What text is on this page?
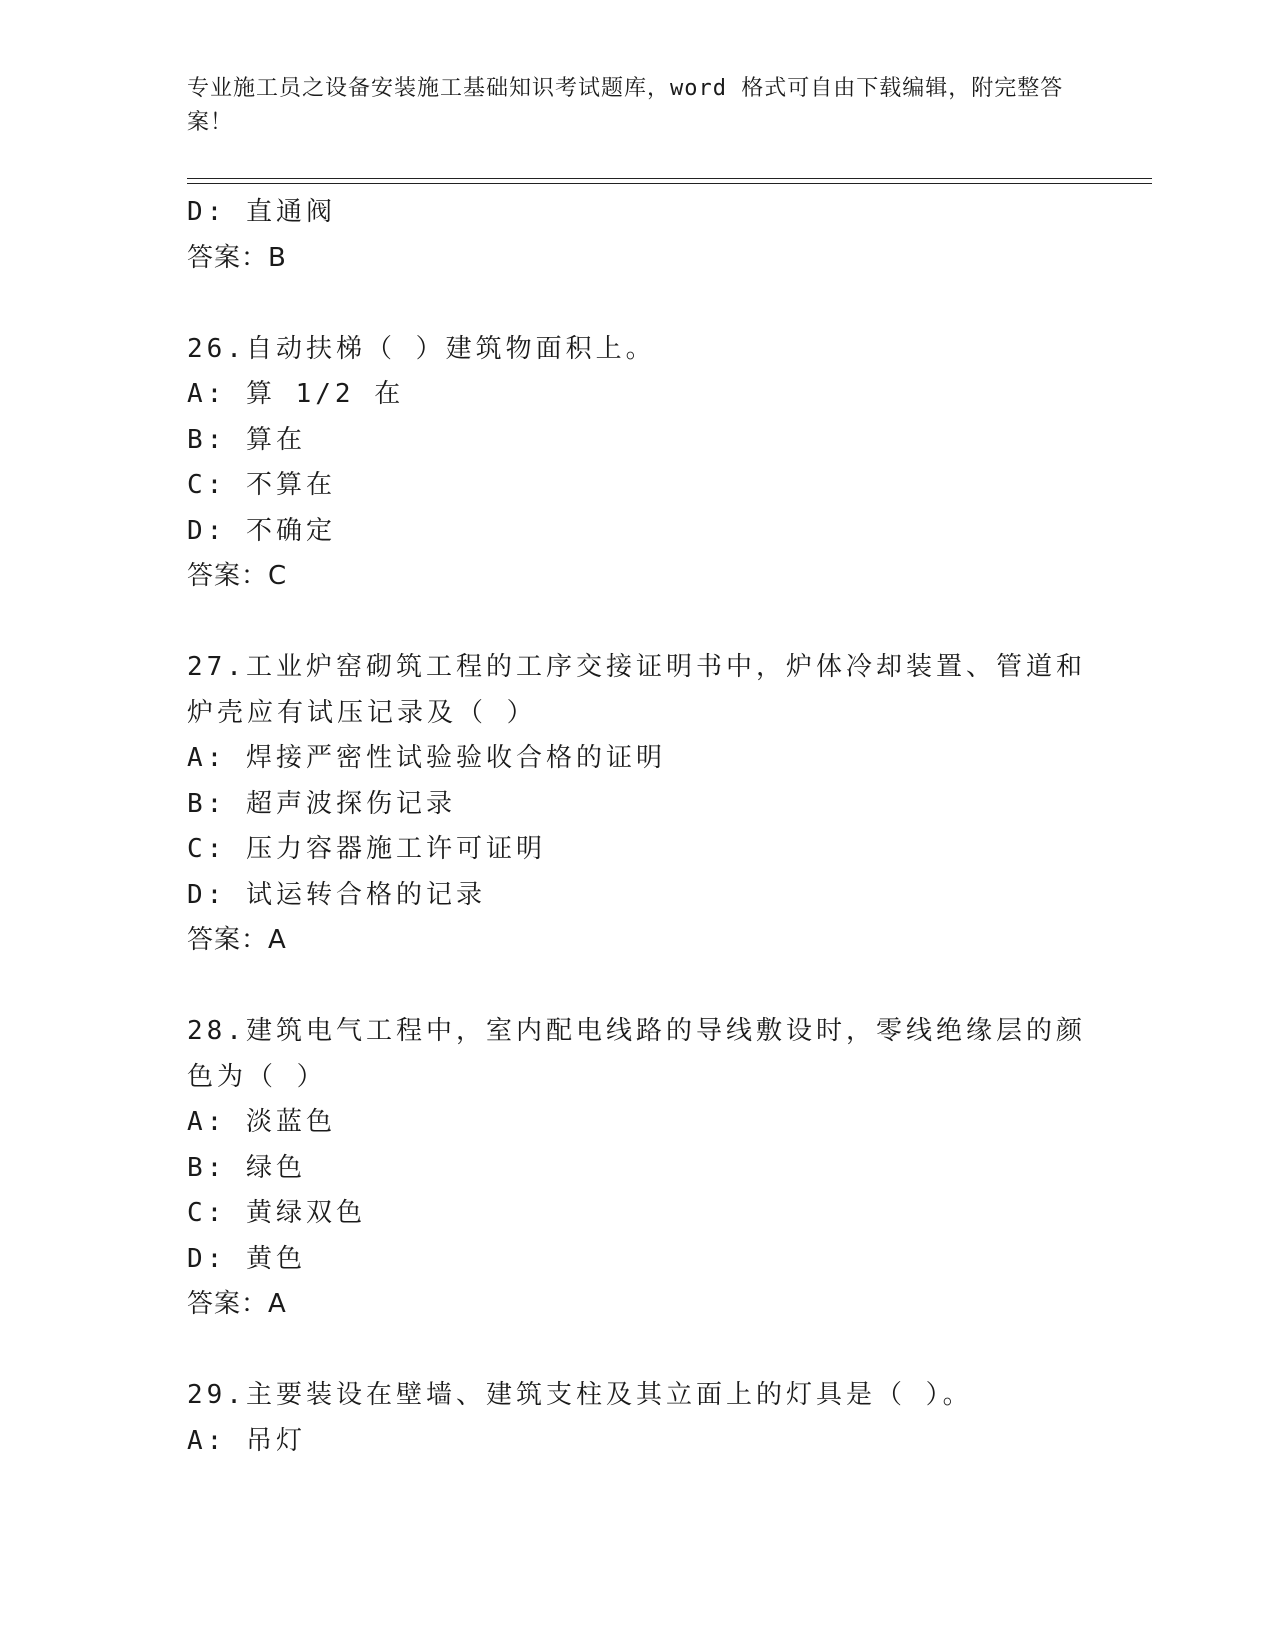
专业施工员之设备安装施工基础知识考试题库，word 格式可自由下载编辑，附完整答案！
D: 直通阀
答案：B
26.自动扶梯（ ）建筑物面积上。
A: 算 1/2 在
B: 算在
C: 不算在
D: 不确定
答案：C
27.工业炉窑砌筑工程的工序交接证明书中，炉体冷却装置、管道和炉壳应有试压记录及（ ）
A: 焊接严密性试验验收合格的证明
B: 超声波探伤记录
C: 压力容器施工许可证明
D: 试运转合格的记录
答案：A
28.建筑电气工程中，室内配电线路的导线敷设时，零线绝缘层的颜色为（ ）
A: 淡蓝色
B: 绿色
C: 黄绿双色
D: 黄色
答案：A
29.主要装设在壁墙、建筑支柱及其立面上的灯具是（ ）。
A: 吊灯
